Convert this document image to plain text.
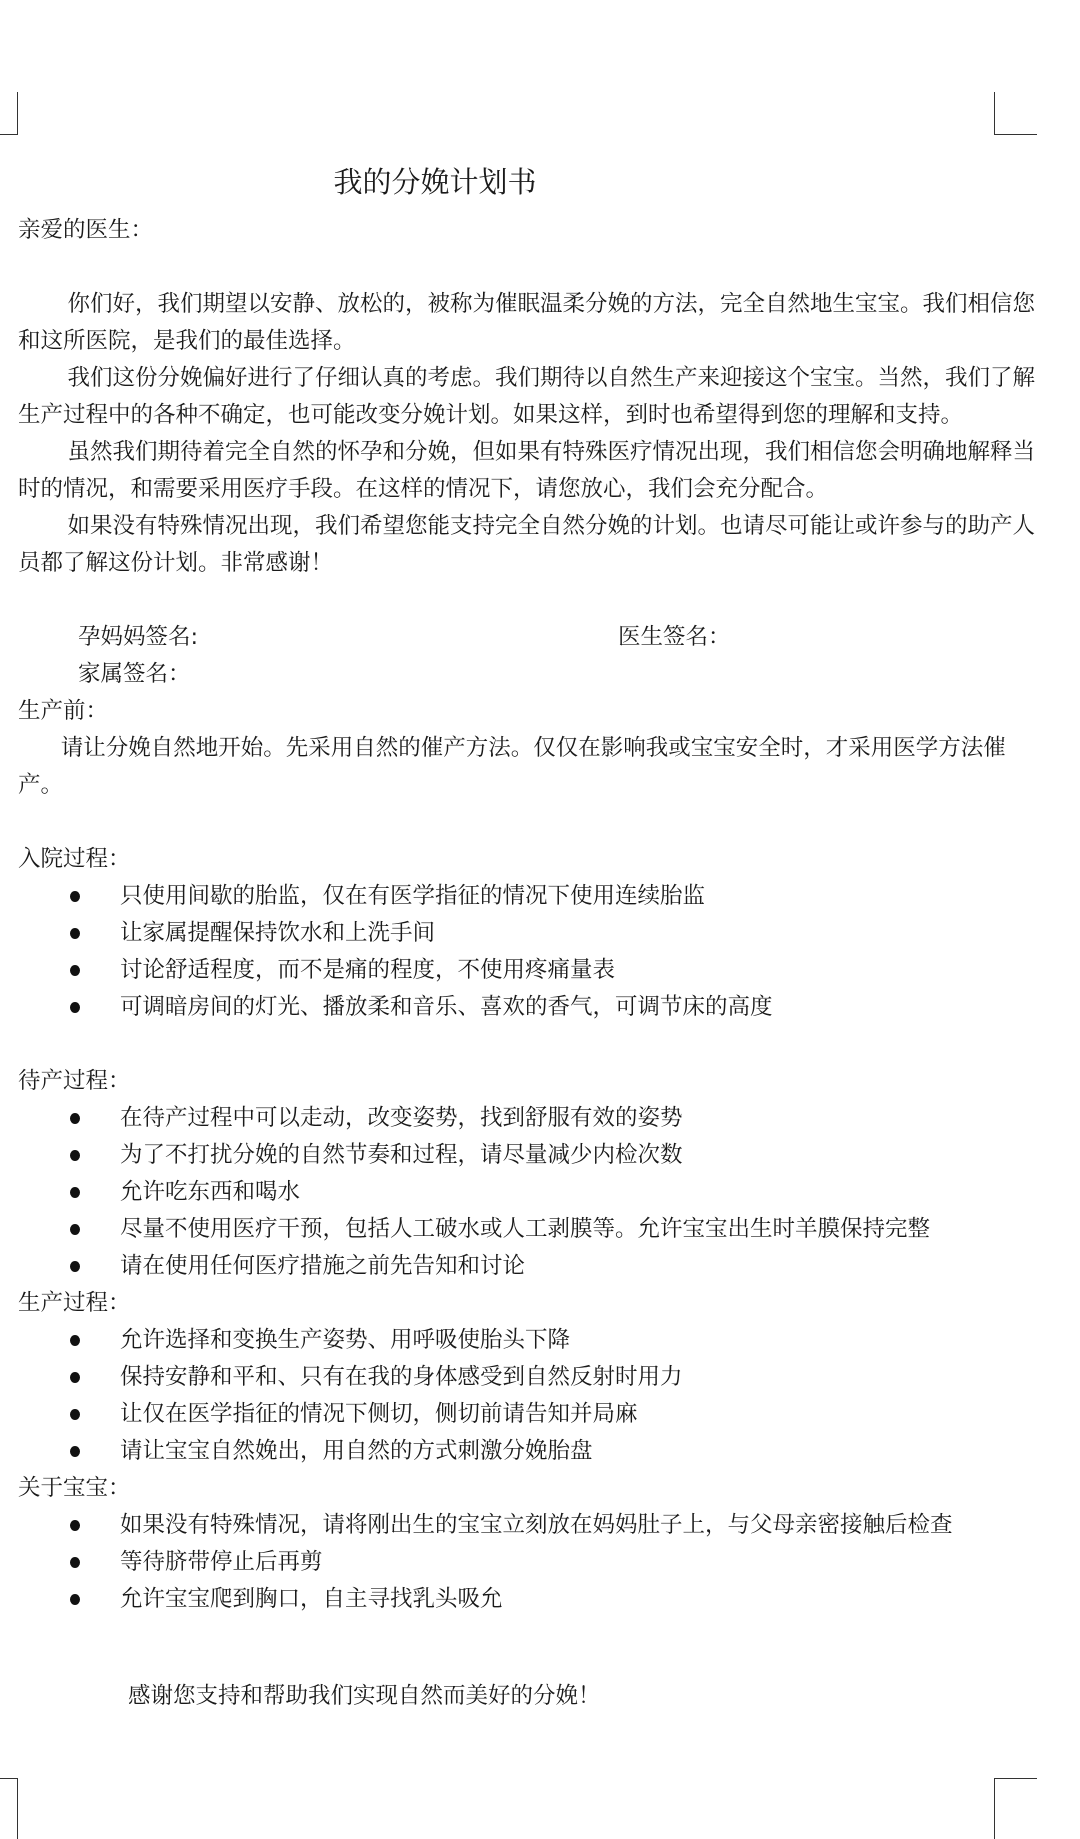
我的分娩计划书

亲爱的医生：

你们好，我们期望以安静、放松的，被称为催眠温柔分娩的方法，完全自然地生宝宝。我们相信您和这所医院，是我们的最佳选择。

我们这份分娩偏好进行了仔细认真的考虑。我们期待以自然生产来迎接这个宝宝。当然，我们了解生产过程中的各种不确定，也可能改变分娩计划。如果这样，到时也希望得到您的理解和支持。

虽然我们期待着完全自然的怀孕和分娩，但如果有特殊医疗情况出现，我们相信您会明确地解释当时的情况，和需要采用医疗手段。在这样的情况下，请您放心，我们会充分配合。

如果没有特殊情况出现，我们希望您能支持完全自然分娩的计划。也请尽可能让或许参与的助产人员都了解这份计划。非常感谢！

孕妈妈签名:	医生签名：
家属签名：

生产前：

请让分娩自然地开始。先采用自然的催产方法。仅仅在影响我或宝宝安全时，才采用医学方法催产。

入院过程：

只使用间歇的胎监，仅在有医学指征的情况下使用连续胎监
让家属提醒保持饮水和上洗手间
讨论舒适程度，而不是痛的程度，不使用疼痛量表
可调暗房间的灯光、播放柔和音乐、喜欢的香气，可调节床的高度

待产过程：

在待产过程中可以走动，改变姿势，找到舒服有效的姿势
为了不打扰分娩的自然节奏和过程，请尽量减少内检次数
允许吃东西和喝水
尽量不使用医疗干预，包括人工破水或人工剥膜等。允许宝宝出生时羊膜保持完整
请在使用任何医疗措施之前先告知和讨论

生产过程：

允许选择和变换生产姿势、用呼吸使胎头下降
保持安静和平和、只有在我的身体感受到自然反射时用力
让仅在医学指征的情况下侧切，侧切前请告知并局麻
请让宝宝自然娩出，用自然的方式刺激分娩胎盘

关于宝宝：

如果没有特殊情况，请将刚出生的宝宝立刻放在妈妈肚子上，与父母亲密接触后检查
等待脐带停止后再剪
允许宝宝爬到胸口，自主寻找乳头吸允

感谢您支持和帮助我们实现自然而美好的分娩！
